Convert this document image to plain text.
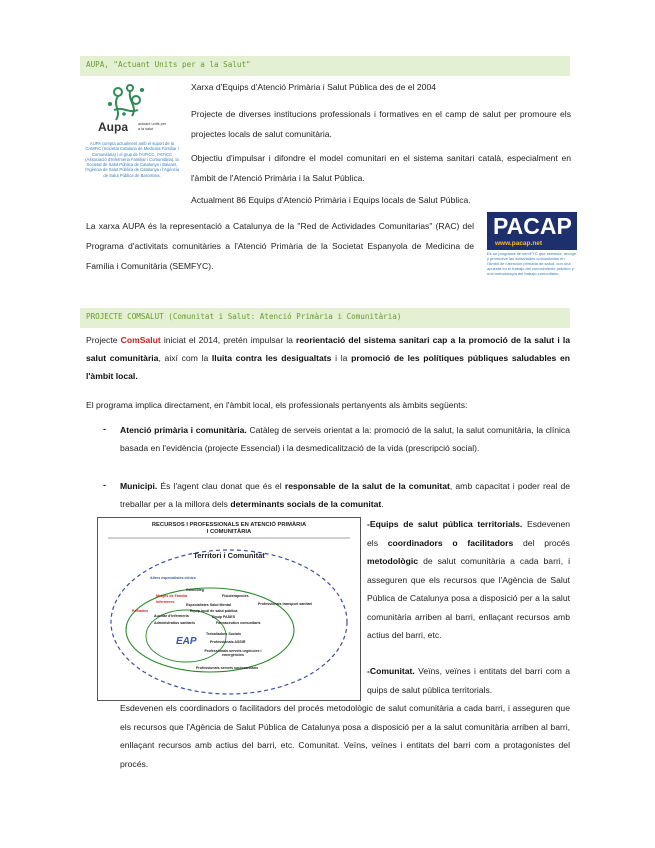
AUPA, "Actuant Units per a la Salut"
Aupa	actuant units per a la salut
AUPA compta actualment amb el suport de la CAMFiC (Societat Catalana de Medicina Familiar i Comunitària) i el grup de l'AIFICC, l'AIFiCC (Associació d'Infermeria Familiar i Comunitària), la Societat de Salut Pública de Catalunya i Balears, l'Agència de Salut Pública de Catalunya i l'Agència de Salut Pública de Barcelona.
Xarxa d'Equips d'Atenció Primària i Salut Pública des de el 2004
Projecte de diverses institucions professionals i formatives en el camp de salut per promoure els projectes locals de salut comunitària.
Objectiu d'impulsar i difondre el model comunitari en el sistema sanitari català, especialment en l'àmbit de l'Atenció Primària i la Salut Pública.
Actualment 86 Equips d'Atenció Primària i Equips locals de Salut Pública.
La xarxa AUPA és la representació a Catalunya de la "Red de Actividades Comunitarias" (RAC) del Programa d'activitats comunitàries a l'Atenció Primària de la Societat Espanyola de Medicina de Família i Comunitària (SEMFYC).
PACAP
www.pacap.net
Es un programa de semFYC que estimula, recoge y promueve las actividades comunitarias en l'Ámbit de l'atención primaria de salud, con una apuesta en el trabajo del conocimiento práctico y una metodología del trabajo comunitario.
PROJECTE COMSALUT (Comunitat i Salut: Atenció Primària i Comunitària)
Projecte ComSalut iniciat el 2014, pretén impulsar la reorientació del sistema sanitari cap a la promoció de la salut i la salut comunitària, així com la lluita contra les desigualtats i la promoció de les polítiques públiques saludables en l'àmbit local.
El programa implica directament, en l'àmbit local, els professionals pertanyents als àmbits següents:
- Atenció primària i comunitària. Catàleg de serveis orientat a la: promoció de la salut, la salut comunitària, la clínica basada en l'evidència (projecte Essencial) i la desmedicalització de la vida (prescripció social).
- Municipi. És l'agent clau donat que és el responsable de la salut de la comunitat, amb capacitat i poder real de treballar per a la millora dels determinants socials de la comunitat.
RECURSOS I PROFESSIONALS EN ATENCIÓ PRIMÀRIA
I COMUNITÀRIA
Territori i Comunitat
Altres especialistes clínics
EAP
Odontòleg
Metges de Família	Fisioterapeutes
Infermeres
Especialistes Salut Mental	Professionals transport sanitari
Pediatres	Equip local de salut pública
Auxiliar d'infermeria	Equip PADES
Administratius sanitaris	Farmacèutics comunitaris
Treballadors Socials
Professionals ASSIR
Professionals serveis urgències i emergències
Professionals serveis sociosanitaris
-Equips de salut pública territorials. Esdevenen els coordinadors o facilitadors del procés metodològic de salut comunitària a cada barri, i asseguren que els recursos que l'Agència de Salut Pública de Catalunya posa a disposició per a la salut comunitària arriben al barri, enllaçant recursos amb actius del barri, etc.
-Comunitat. Veïns, veïnes i entitats del barri com a quips de salut pública territorials.
Esdevenen els coordinadors o facilitadors del procés metodològic de salut comunitària a cada barri, i asseguren que els recursos que l'Agència de Salut Pública de Catalunya posa a disposició per a la salut comunitària arriben al barri, enllaçant recursos amb actius del barri, etc. Comunitat. Veïns, veïnes i entitats del barri com a protagonistes del procés.
